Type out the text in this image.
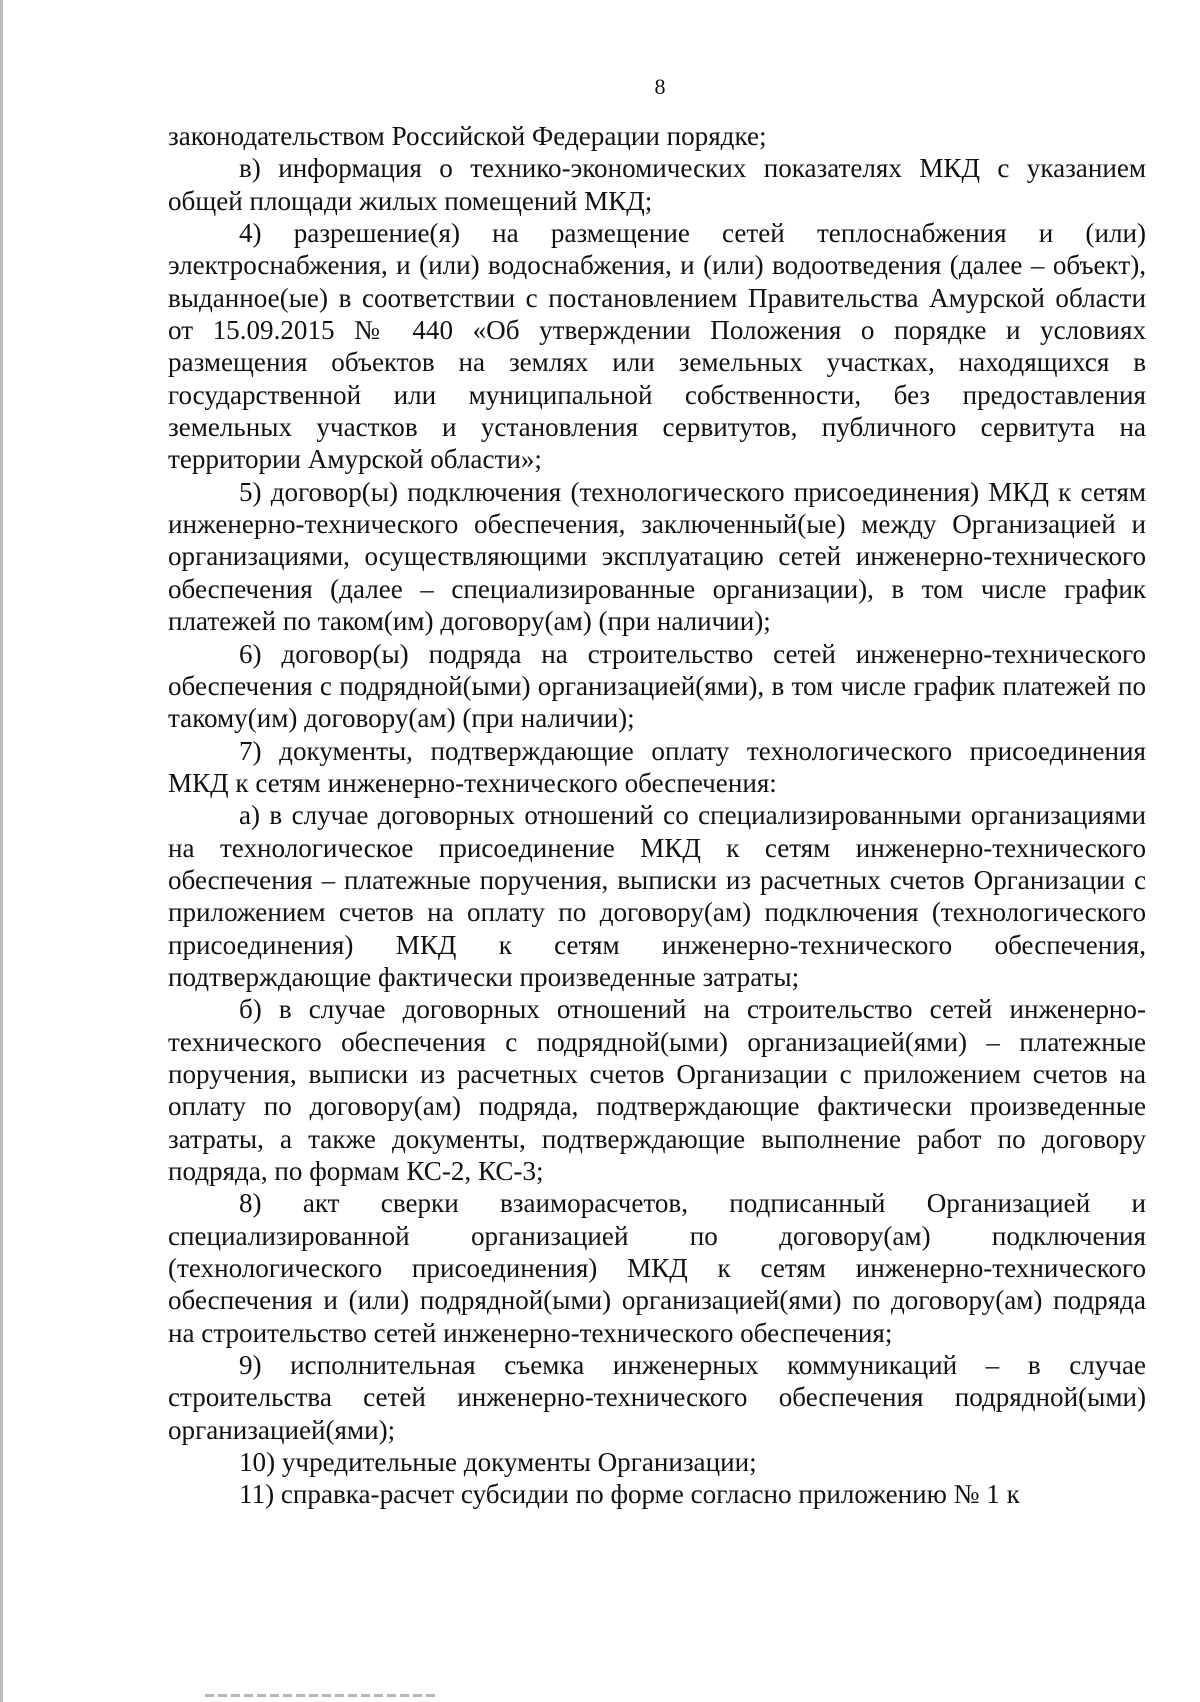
8

законодательством Российской Федерации порядке;

в) информация о технико-экономических показателях МКД с указанием общей площади жилых помещений МКД;

4) разрешение(я) на размещение сетей теплоснабжения и (или) электроснабжения, и (или) водоснабжения, и (или) водоотведения (далее – объект), выданное(ые) в соответствии с постановлением Правительства Амурской области от 15.09.2015 № 440 «Об утверждении Положения о порядке и условиях размещения объектов на землях или земельных участках, находящихся в государственной или муниципальной собственности, без предоставления земельных участков и установления сервитутов, публичного сервитута на территории Амурской области»;

5) договор(ы) подключения (технологического присоединения) МКД к сетям инженерно-технического обеспечения, заключенный(ые) между Организацией и организациями, осуществляющими эксплуатацию сетей инженерно-технического обеспечения (далее – специализированные организации), в том числе график платежей по таком(им) договору(ам) (при наличии);

6) договор(ы) подряда на строительство сетей инженерно-технического обеспечения с подрядной(ыми) организацией(ями), в том числе график платежей по такому(им) договору(ам) (при наличии);

7) документы, подтверждающие оплату технологического присоединения МКД к сетям инженерно-технического обеспечения:

а) в случае договорных отношений со специализированными организациями на технологическое присоединение МКД к сетям инженерно-технического обеспечения – платежные поручения, выписки из расчетных счетов Организации с приложением счетов на оплату по договору(ам) подключения (технологического присоединения) МКД к сетям инженерно-технического обеспечения, подтверждающие фактически произведенные затраты;

б) в случае договорных отношений на строительство сетей инженерно-технического обеспечения с подрядной(ыми) организацией(ями) – платежные поручения, выписки из расчетных счетов Организации с приложением счетов на оплату по договору(ам) подряда, подтверждающие фактически произведенные затраты, а также документы, подтверждающие выполнение работ по договору подряда, по формам КС-2, КС-3;

8) акт сверки взаиморасчетов, подписанный Организацией и специализированной организацией по договору(ам) подключения (технологического присоединения) МКД к сетям инженерно-технического обеспечения и (или) подрядной(ыми) организацией(ями) по договору(ам) подряда на строительство сетей инженерно-технического обеспечения;

9) исполнительная съемка инженерных коммуникаций – в случае строительства сетей инженерно-технического обеспечения подрядной(ыми) организацией(ями);

10) учредительные документы Организации;

11) справка-расчет субсидии по форме согласно приложению № 1 к
